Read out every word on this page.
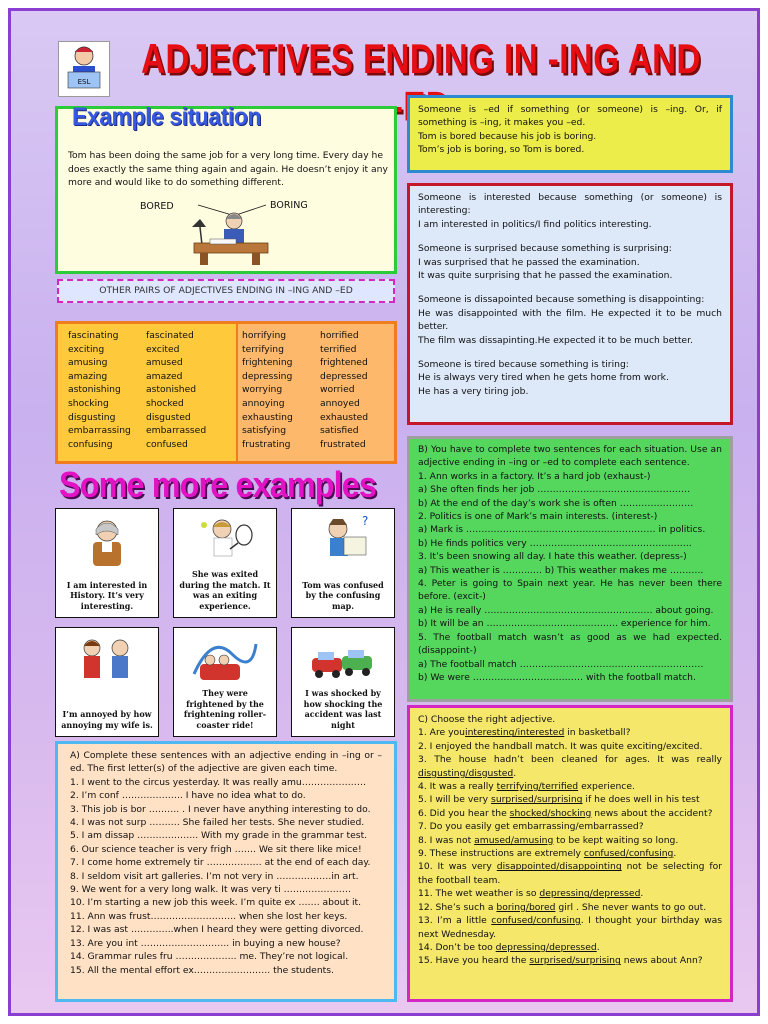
ESL
ADJECTIVES ENDING IN -ING AND
Example situation
Tom has been doing the same job for a very long time. Every day he does exactly the same thing again and again. He doesn’t enjoy it any more and would like to do something different.
BORED	BORING
OTHER PAIRS OF ADJECTIVES ENDING IN –ING AND –ED
fascinating	fascinated
exciting	excited
amusing	amused
amazing	amazed
astonishing	astonished
shocking	shocked
disgusting	disgusted
embarrassing embarrassed
confusing	confused
horrifying	horrified
terrifying	terrified
frightening	frightened
depressing	depressed
worrying	worried
annoying	annoyed
exhausting	exhausted
satisfying	satisfied
frustrating	frustrated
Some more examples
I am interested in History. It’s very interesting.
She was exited during the match. It was an exiting experience.
?
Tom was confused by the confusing map.
I’m annoyed by how annoying my wife is.
They were frightened by the frightening roller-coaster ride!
I was shocked by how shocking the accident was last night
Someone is –ed if something (or someone) is –ing. Or, if something is –ing, it makes you –ed.
Tom is bored because his job is boring.
Tom’s job is boring, so Tom is bored.
Someone is interested because something (or someone) is interesting:
I am interested in politics/I find politics interesting.
Someone is surprised because something is surprising:
I was surprised that he passed the examination.
It was quite surprising that he passed the examination.
Someone is dissapointed because something is disappointing:
He was disappointed with the film. He expected it to be much better.
The film was dissapinting.He expected it to be much better.
Someone is tired because something is tiring:
He is always very tired when he gets home from work.
He has a very tiring job.
B) You have to complete two sentences for each situation. Use an adjective ending in –ing or –ed to complete each sentence.
1. Ann works in a factory. It’s a hard job (exhaust-)
a) She often finds her job ……………………………..……………
b) At the end of the day’s work she is often ……………………
2. Politics is one of Mark’s main interests. (interest-)
a) Mark is ………………………………………..…………… in politics.
b) He finds politics very ……………………………………………..
3. It’s been snowing all day. I hate this weather. (depress-)
a) This weather is ……...…. b) This weather makes me ………..
4. Peter is going to Spain next year. He has never been there before. (excit-)
a) He is really ………………………………………………. about going.
b) It will be an ……………………………………. experience for him.
5. The football match wasn’t as good as we had expected. (disappoint-)
a) The football match ……………………………………………………
b) We were ……………………………… with the football match.
C) Choose the right adjective.
1. Are youinteresting/interested in basketball?
2. I enjoyed the handball match. It was quite exciting/excited.
3. The house hadn’t been cleaned for ages. It was really disgusting/disgusted.
4. It was a really terrifying/terrified experience.
5. I will be very surprised/surprising if he does well in his test
6. Did you hear the shocked/shocking news about the accident?
7. Do you easily get embarrassing/embarrassed?
8. I was not amused/amusing to be kept waiting so long.
9. These instructions are extremely confused/confusing.
10. It was very disappointed/disappointing not be selecting for the football team.
11. The wet weather is so depressing/depressed.
12. She’s such a boring/bored girl . She never wants to go out.
13. I’m a little confused/confusing. I thought your birthday was next Wednesday.
14. Don’t be too depressing/depressed.
15. Have you heard the surprised/surprising news about Ann?
A) Complete these sentences with an adjective ending in –ing or –ed. The first letter(s) of the adjective are given each time.
1. I went to the circus yesterday. It was really amu…………………
2. I’m conf ……………….. I have no idea what to do.
3. This job is bor ………. . I never have anything interesting to do.
4. I was not surp ………. She failed her tests. She never studied.
5. I am dissap ……………….. With my grade in the grammar test.
6. Our science teacher is very frigh ……. We sit there like mice!
7. I come home extremely tir ……………… at the end of each day.
8. I seldom visit art galleries. I’m not very in ………………in art.
9. We went for a very long walk. It was very ti ………………….
10. I’m starting a new job this week. I’m quite ex ……. about it.
11. Ann was frust………………………. when she lost her keys.
12. I was ast …………..when I heard they were getting divorced.
13. Are you int ……………………….. in buying a new house?
14. Grammar rules fru ……………….. me. They’re not logical.
15. All the mental effort ex……………………. the students.
